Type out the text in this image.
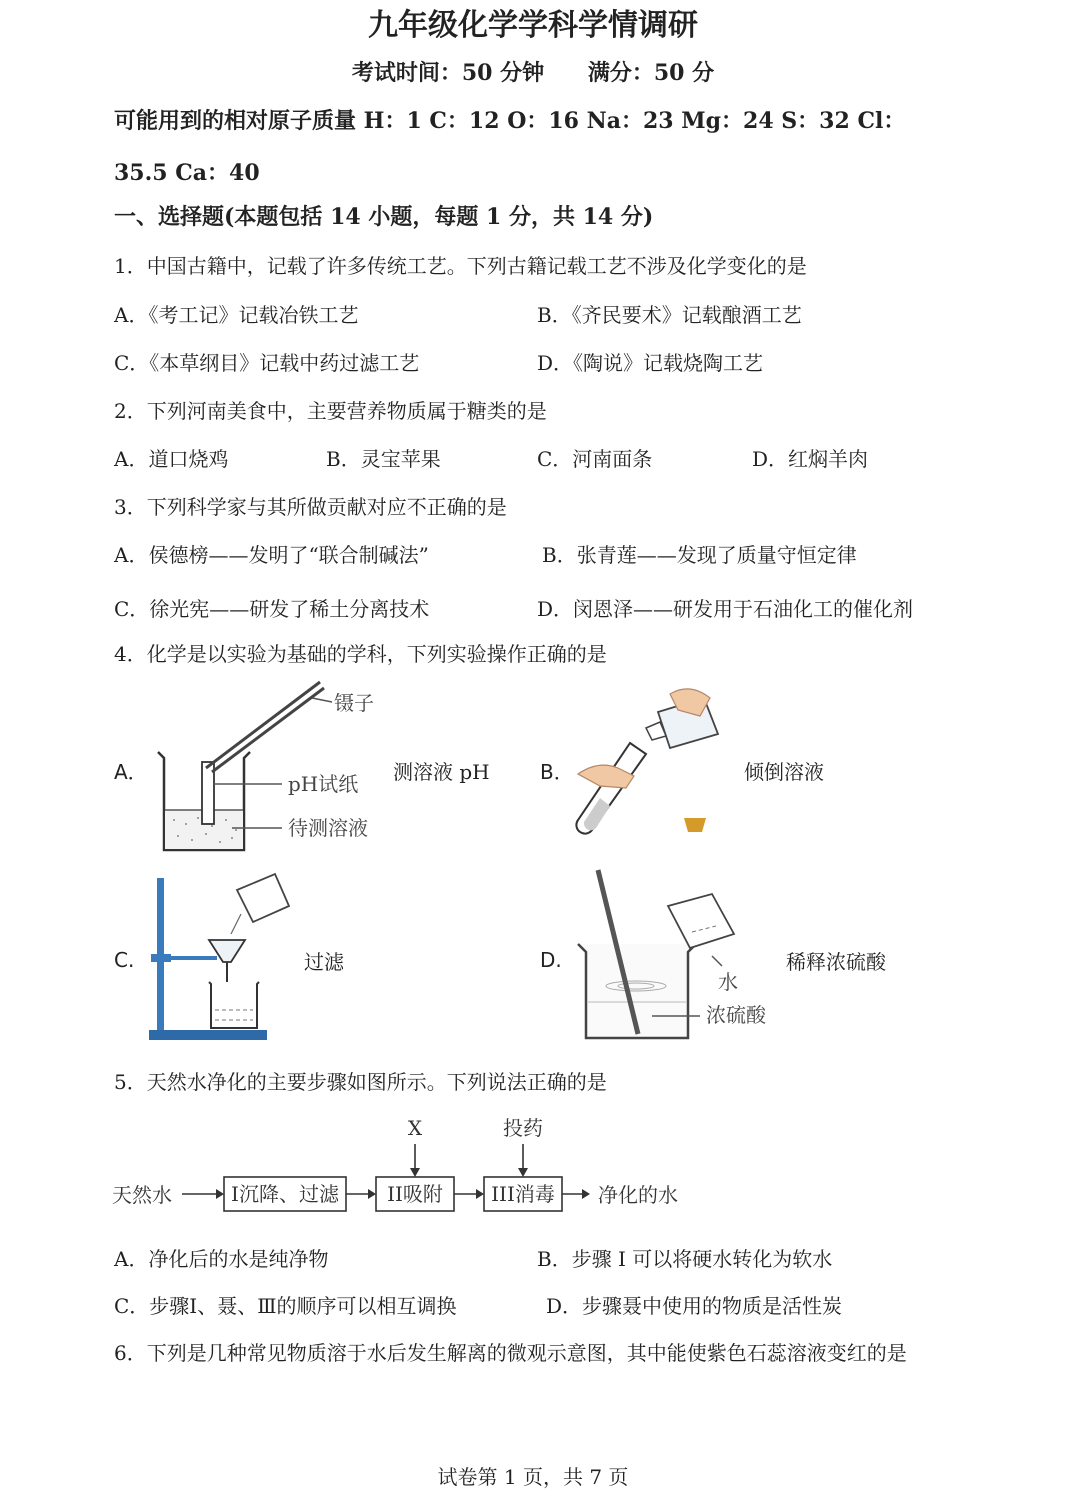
九年级化学学科学情调研
考试时间：50 分钟 满分：50 分
可能用到的相对原子质量 H：1 C：12 O：16 Na：23 Mg：24 S：32 Cl：
35.5 Ca：40
一、选择题(本题包括 14 小题，每题 1 分，共 14 分)
1．中国古籍中，记载了许多传统工艺。下列古籍记载工艺不涉及化学变化的是
A．《考工记》记载冶铁工艺	B．《齐民要术》记载酿酒工艺
C．《本草纲目》记载中药过滤工艺	D．《陶说》记载烧陶工艺
2．下列河南美食中，主要营养物质属于糖类的是
A．道口烧鸡	B．灵宝苹果	C．河南面条	D．红焖羊肉
3．下列科学家与其所做贡献对应不正确的是
A．侯德榜——发明了“联合制碱法”	B．张青莲——发现了质量守恒定律
C．徐光宪——研发了稀土分离技术	D．闵恩泽——研发用于石油化工的催化剂
4．化学是以实验为基础的学科，下列实验操作正确的是
A．
镊子
pH试纸
待测溶液
测溶液 pH	B．	倾倒溶液
C.	过滤	D.
水
浓硫酸
稀释浓硫酸
5．天然水净化的主要步骤如图所示。下列说法正确的是
天然水	I沉降、过滤 II吸附 III消毒 净化的水
X	投药
A．净化后的水是纯净物	B．步骤 I 可以将硬水转化为软水
C．步骤Ⅰ、聂、Ⅲ的顺序可以相互调换	D．步骤聂中使用的物质是活性炭
6．下列是几种常见物质溶于水后发生解离的微观示意图，其中能使紫色石蕊溶液变红的是
试卷第 1 页，共 7 页
